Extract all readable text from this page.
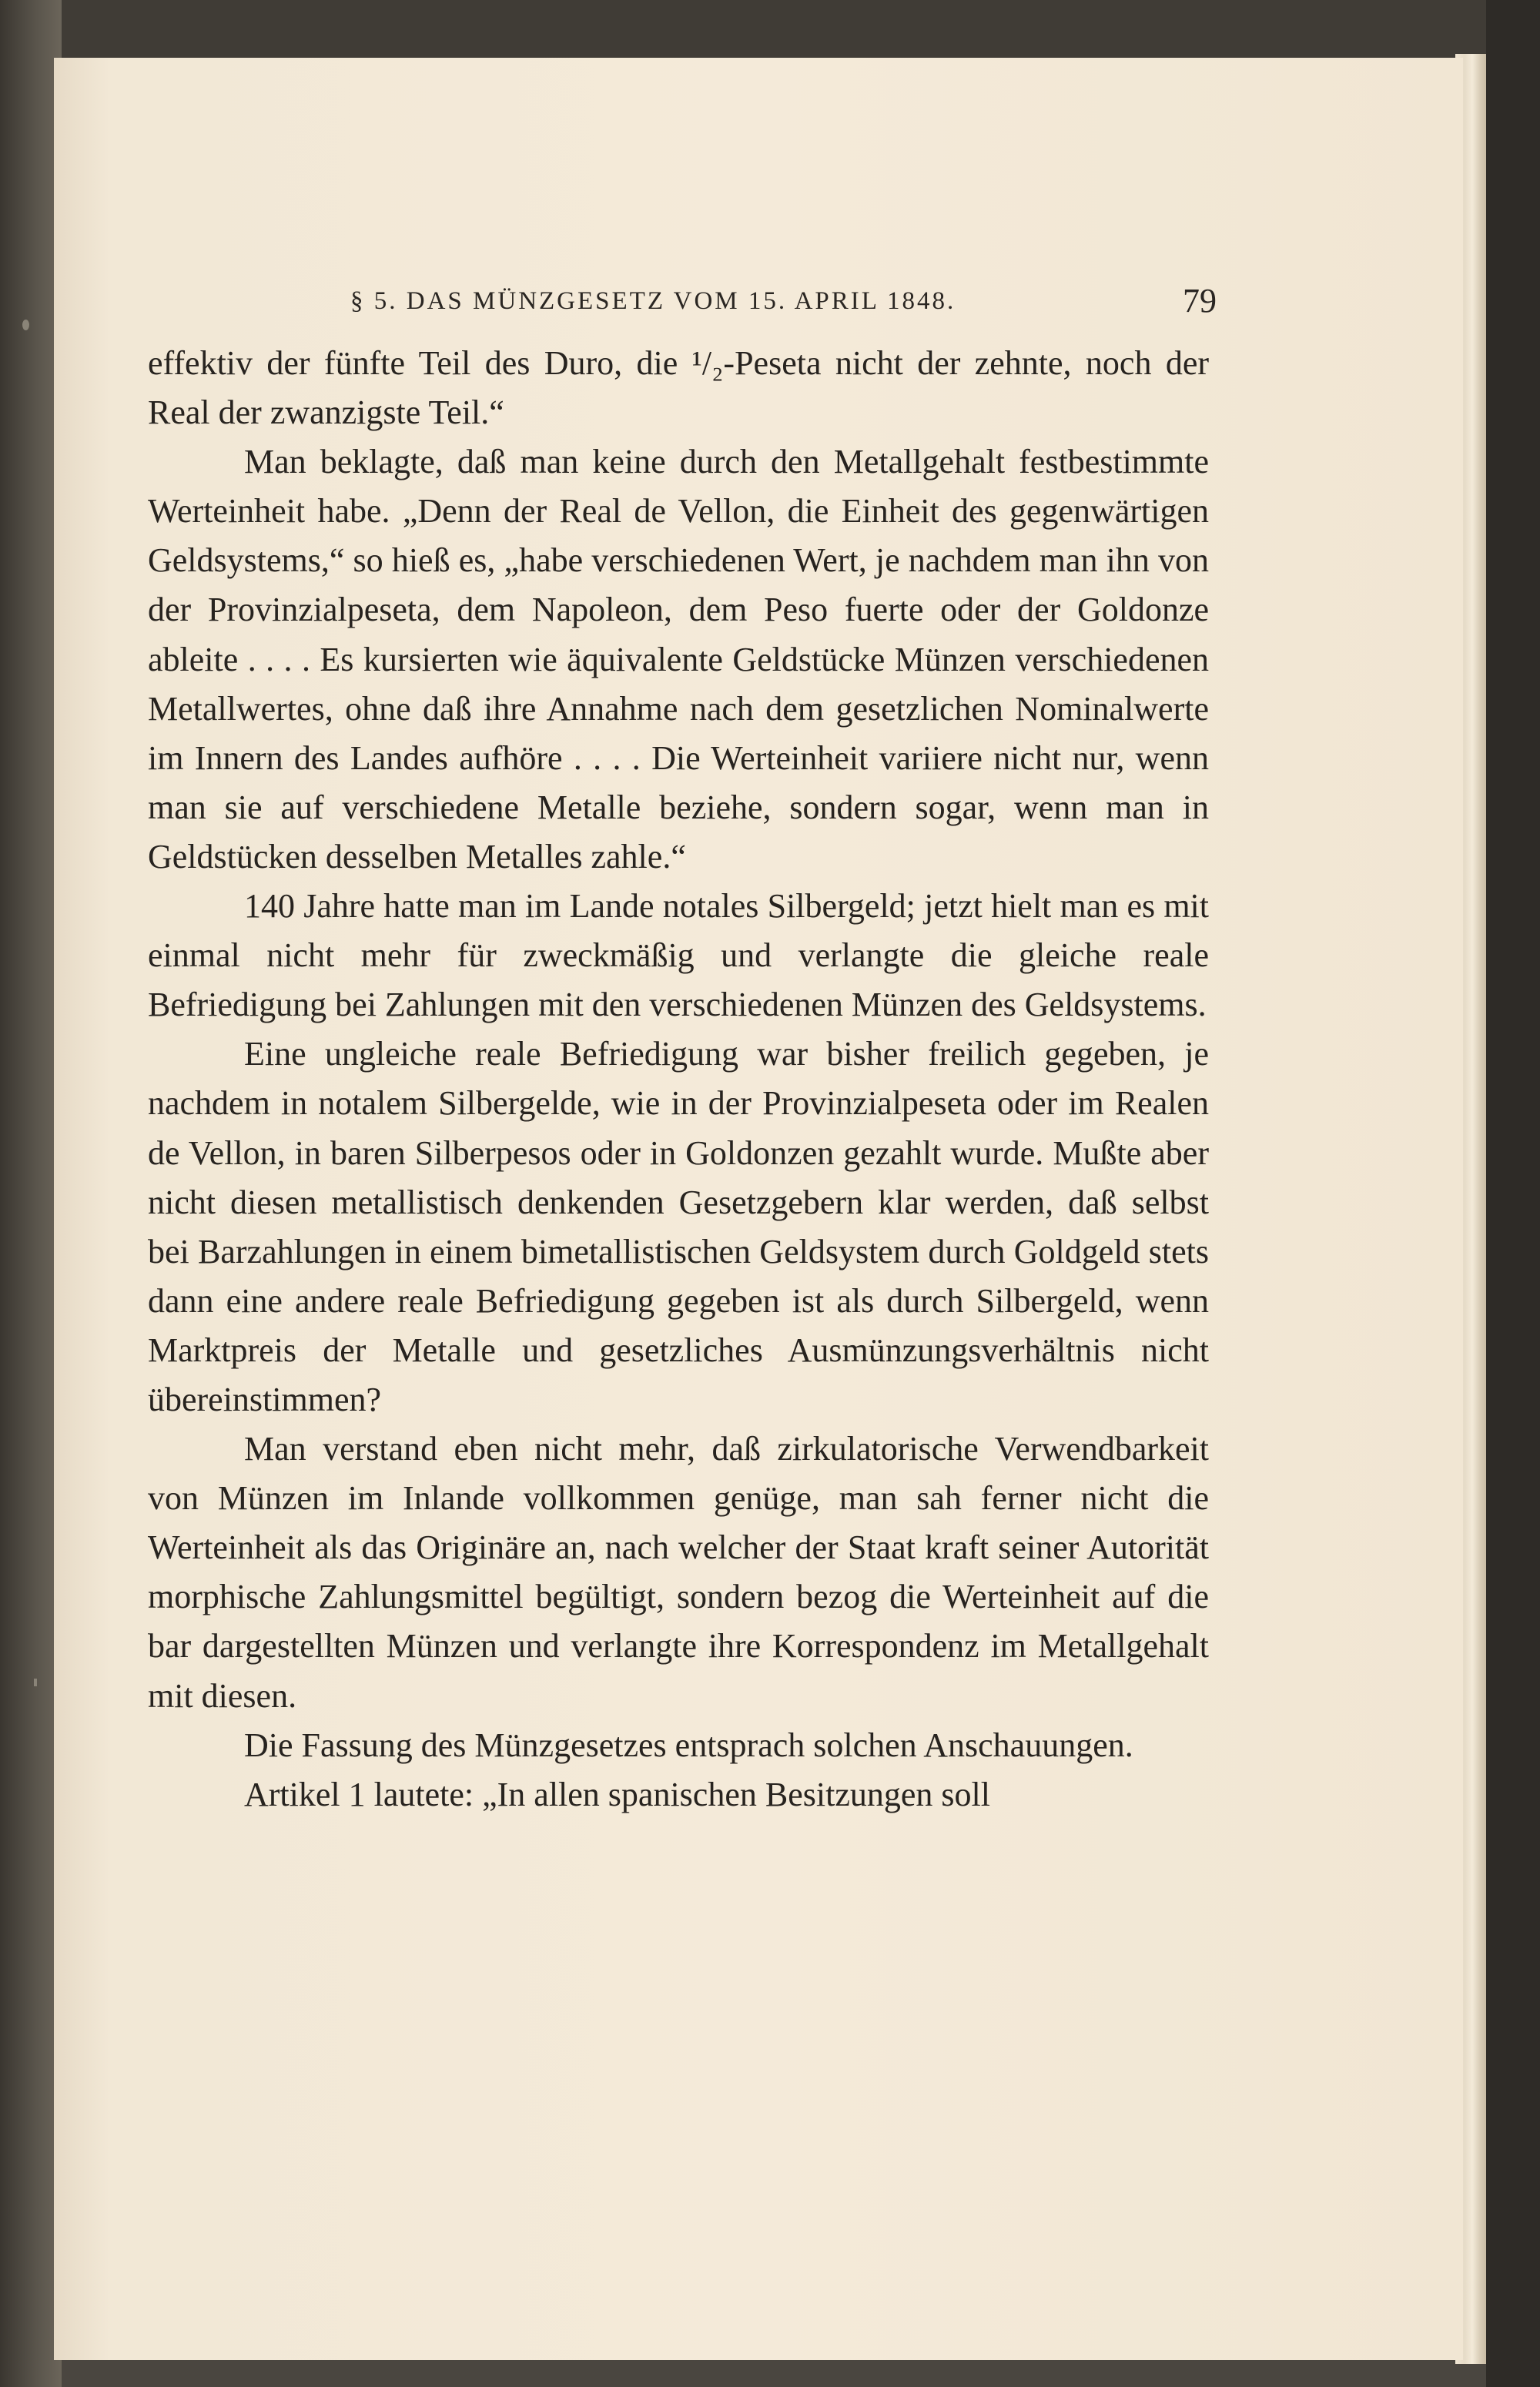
§ 5. DAS MÜNZGESETZ VOM 15. APRIL 1848.	79

effektiv der fünfte Teil des Duro, die ¹/₂-Peseta nicht der zehnte, noch der Real der zwanzigste Teil.“

Man beklagte, daß man keine durch den Metallgehalt festbestimmte Werteinheit habe. „Denn der Real de Vellon, die Einheit des gegenwärtigen Geldsystems,“ so hieß es, „habe verschiedenen Wert, je nachdem man ihn von der Provinzialpeseta, dem Napoleon, dem Peso fuerte oder der Goldonze ableite . . . . Es kursierten wie äquivalente Geldstücke Münzen verschiedenen Metallwertes, ohne daß ihre Annahme nach dem gesetzlichen Nominalwerte im Innern des Landes aufhöre . . . . Die Werteinheit variiere nicht nur, wenn man sie auf verschiedene Metalle beziehe, sondern sogar, wenn man in Geldstücken desselben Metalles zahle.“

140 Jahre hatte man im Lande notales Silbergeld; jetzt hielt man es mit einmal nicht mehr für zweckmäßig und verlangte die gleiche reale Befriedigung bei Zahlungen mit den verschiedenen Münzen des Geldsystems.

Eine ungleiche reale Befriedigung war bisher freilich gegeben, je nachdem in notalem Silbergelde, wie in der Provinzialpeseta oder im Realen de Vellon, in baren Silberpesos oder in Goldonzen gezahlt wurde. Mußte aber nicht diesen metallistisch denkenden Gesetzgebern klar werden, daß selbst bei Barzahlungen in einem bimetallistischen Geldsystem durch Goldgeld stets dann eine andere reale Befriedigung gegeben ist als durch Silbergeld, wenn Marktpreis der Metalle und gesetzliches Ausmünzungsverhältnis nicht übereinstimmen?

Man verstand eben nicht mehr, daß zirkulatorische Verwendbarkeit von Münzen im Inlande vollkommen genüge, man sah ferner nicht die Werteinheit als das Originäre an, nach welcher der Staat kraft seiner Autorität morphische Zahlungsmittel begültigt, sondern bezog die Werteinheit auf die bar dargestellten Münzen und verlangte ihre Korrespondenz im Metallgehalt mit diesen.

Die Fassung des Münzgesetzes entsprach solchen Anschauungen.

Artikel 1 lautete: „In allen spanischen Besitzungen soll
